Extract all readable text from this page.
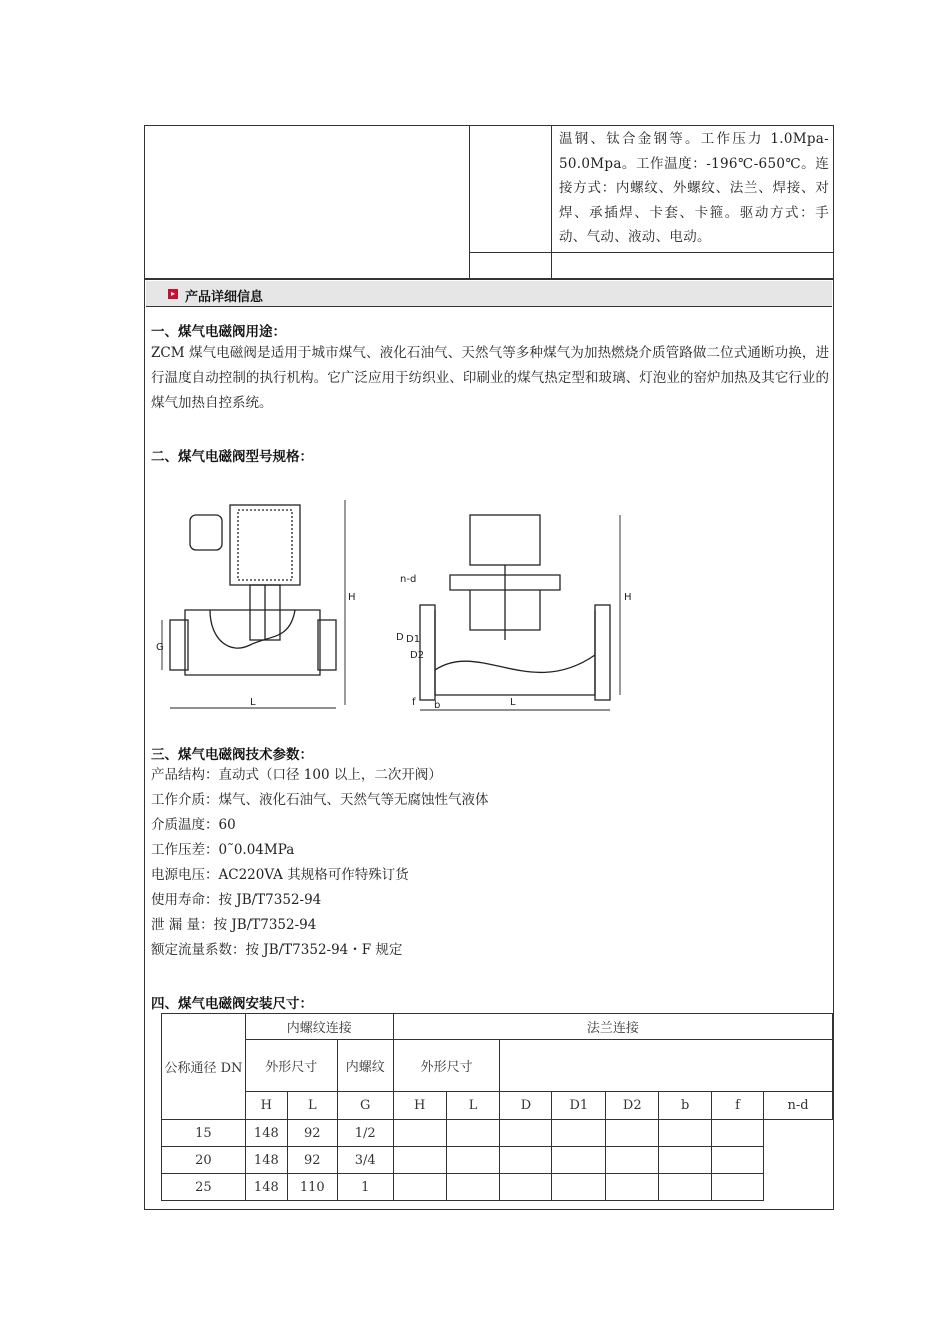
温钢、钛合金钢等。工作压力 1.0Mpa-50.0Mpa。工作温度：-196℃-650℃。连接方式：内螺纹、外螺纹、法兰、焊接、对焊、承插焊、卡套、卡箍。驱动方式：手动、气动、液动、电动。
▸ 产品详细信息
一、煤气电磁阀用途：
ZCM 煤气电磁阀是适用于城市煤气、液化石油气、天然气等多种煤气为加热燃烧介质管路做二位式通断功换，进行温度自动控制的执行机构。它广泛应用于纺织业、印刷业的煤气热定型和玻璃、灯泡业的窑炉加热及其它行业的煤气加热自控系统。
二、煤气电磁阀型号规格：
G
L
H
n-d
D D1
D2
f b	L
H
三、煤气电磁阀技术参数：
产品结构：直动式（口径 100 以上，二次开阀）
工作介质：煤气、液化石油气、天然气等无腐蚀性气液体
介质温度：60
工作压差：0˜0.04MPa
电源电压：AC220VA 其规格可作特殊订货
使用寿命：按 JB/T7352-94
泄 漏 量：按 JB/T7352-94
额定流量系数：按 JB/T7352-94・F 规定
四、煤气电磁阀安装尺寸：
公称通径 DN	内螺纹连接			法兰连接							
	外形尺寸		内螺纹	外形尺寸							
	H	L	G	H	L	D	D1	D2	b	f	n-d
15	148	92	1/2								
20	148	92	3/4								
25	148	110	1								
